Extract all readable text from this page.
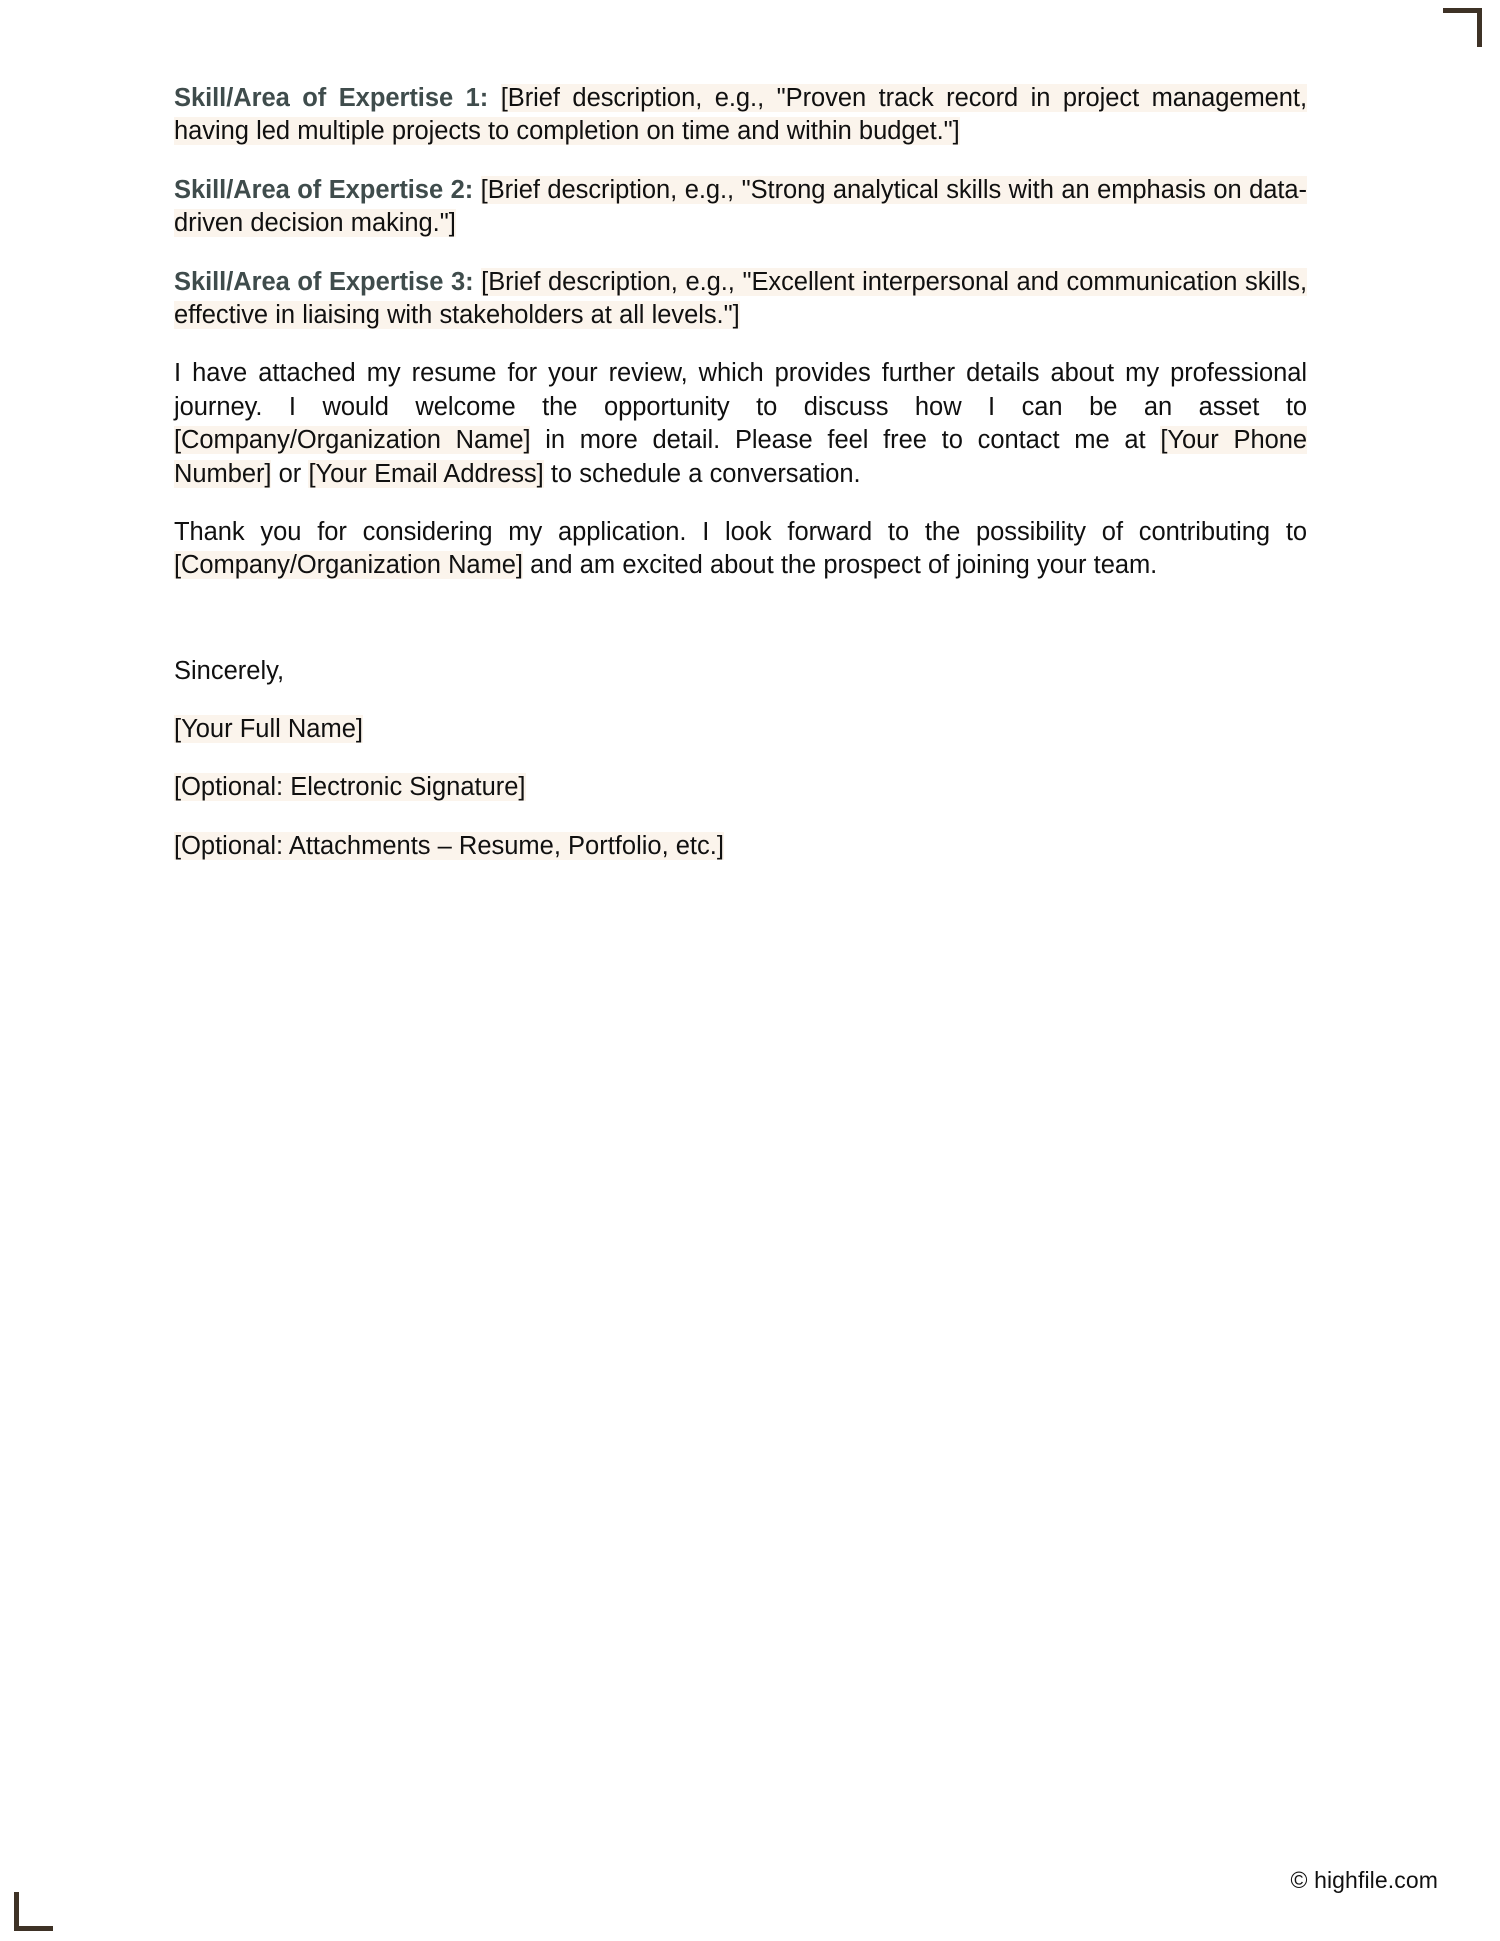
Skill/Area of Expertise 1: [Brief description, e.g., "Proven track record in project management, having led multiple projects to completion on time and within budget."]

Skill/Area of Expertise 2: [Brief description, e.g., "Strong analytical skills with an emphasis on data-driven decision making."]

Skill/Area of Expertise 3: [Brief description, e.g., "Excellent interpersonal and communication skills, effective in liaising with stakeholders at all levels."]

I have attached my resume for your review, which provides further details about my professional journey. I would welcome the opportunity to discuss how I can be an asset to [Company/Organization Name] in more detail. Please feel free to contact me at [Your Phone Number] or [Your Email Address] to schedule a conversation.

Thank you for considering my application. I look forward to the possibility of contributing to [Company/Organization Name] and am excited about the prospect of joining your team.

Sincerely,

[Your Full Name]

[Optional: Electronic Signature]

[Optional: Attachments – Resume, Portfolio, etc.]

© highfile.com
